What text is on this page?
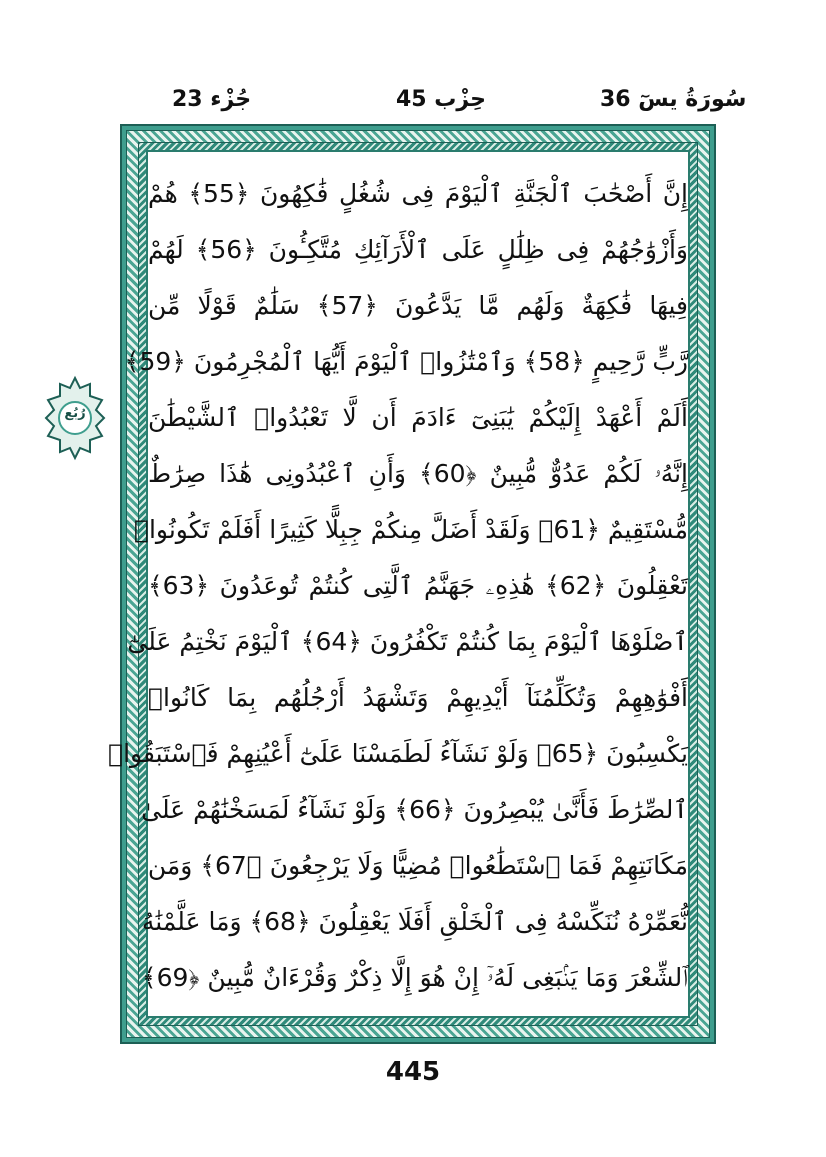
جُزْء 23	حِزْب 45	36 سُورَةُ يسٓ
رُبُع
إِنَّ أَصْحَٰبَ ٱلْجَنَّةِ ٱلْيَوْمَ فِى شُغُلٍ فَٰكِهُونَ ﴿55﴾ هُمْ
وَأَزْوَٰجُهُمْ فِى ظِلَٰلٍ عَلَى ٱلْأَرَآئِكِ مُتَّكِـُٔونَ ﴿56﴾ لَهُمْ
فِيهَا فَٰكِهَةٌ وَلَهُم مَّا يَدَّعُونَ ﴿57﴾ سَلَٰمٌ قَوْلًا مِّن
رَّبٍّ رَّحِيمٍ ﴿58﴾ وَٱمْتَٰزُوا۟ ٱلْيَوْمَ أَيُّهَا ٱلْمُجْرِمُونَ ﴿59﴾
أَلَمْ أَعْهَدْ إِلَيْكُمْ يَٰبَنِىٓ ءَادَمَ أَن لَّا تَعْبُدُوا۟ ٱلشَّيْطَٰنَ
إِنَّهُۥ لَكُمْ عَدُوٌّ مُّبِينٌ ﴿60﴾ وَأَنِ ٱعْبُدُونِى هَٰذَا صِرَٰطٌ
مُّسْتَقِيمٌ ﴿61﴾ وَلَقَدْ أَضَلَّ مِنكُمْ جِبِلًّا كَثِيرًا أَفَلَمْ تَكُونُوا۟
تَعْقِلُونَ ﴿62﴾ هَٰذِهِۦ جَهَنَّمُ ٱلَّتِى كُنتُمْ تُوعَدُونَ ﴿63﴾
ٱصْلَوْهَا ٱلْيَوْمَ بِمَا كُنتُمْ تَكْفُرُونَ ﴿64﴾ ٱلْيَوْمَ نَخْتِمُ عَلَىٰٓ
أَفْوَٰهِهِمْ وَتُكَلِّمُنَآ أَيْدِيهِمْ وَتَشْهَدُ أَرْجُلُهُم بِمَا كَانُوا۟
يَكْسِبُونَ ﴿65﴾ وَلَوْ نَشَآءُ لَطَمَسْنَا عَلَىٰٓ أَعْيُنِهِمْ فَٱسْتَبَقُوا۟
ٱلصِّرَٰطَ فَأَنَّىٰ يُبْصِرُونَ ﴿66﴾ وَلَوْ نَشَآءُ لَمَسَخْنَٰهُمْ عَلَىٰ
مَكَانَتِهِمْ فَمَا ٱسْتَطَٰعُوا۟ مُضِيًّا وَلَا يَرْجِعُونَ ﴿67﴾ وَمَن
نُّعَمِّرْهُ نُنَكِّسْهُ فِى ٱلْخَلْقِ أَفَلَا يَعْقِلُونَ ﴿68﴾ وَمَا عَلَّمْنَٰهُ
ٱلشِّعْرَ وَمَا يَنۢبَغِى لَهُۥٓ إِنْ هُوَ إِلَّا ذِكْرٌ وَقُرْءَانٌ مُّبِينٌ ﴿69﴾
445
